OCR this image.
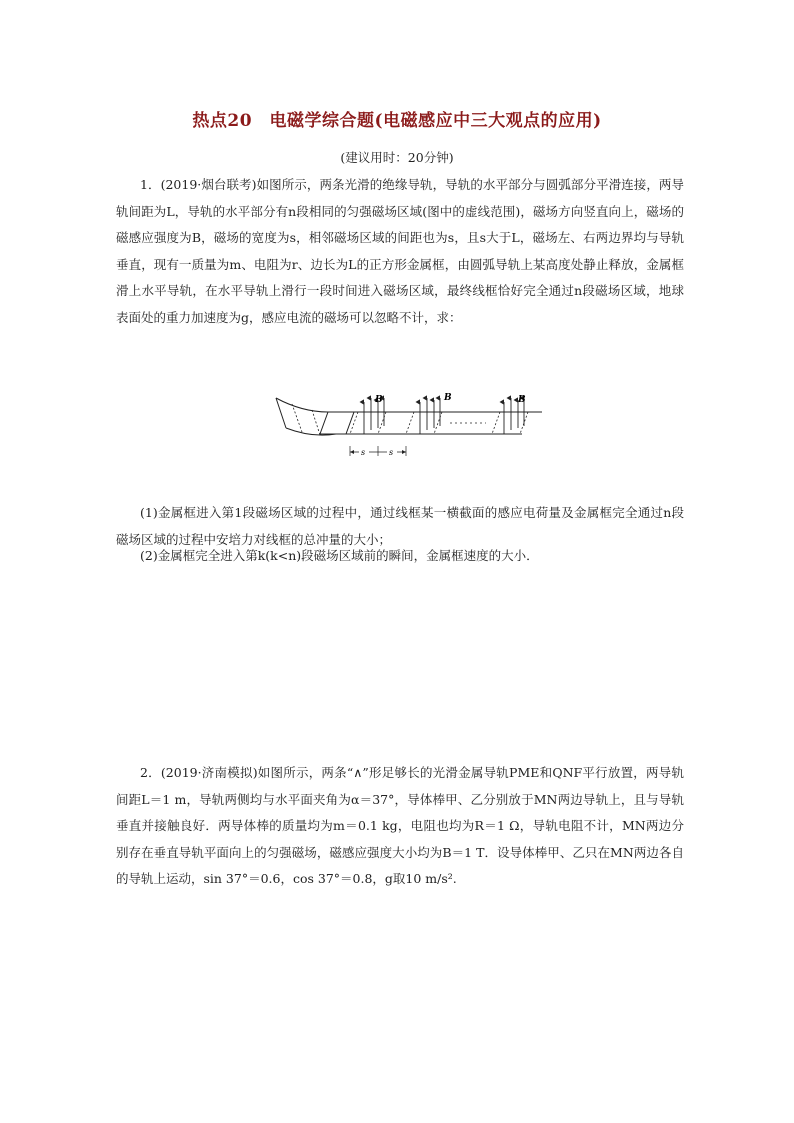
热点20　电磁学综合题(电磁感应中三大观点的应用)
(建议用时：20分钟)

1．(2019·烟台联考)如图所示，两条光滑的绝缘导轨，导轨的水平部分与圆弧部分平滑连接，两导轨间距为L，导轨的水平部分有n段相同的匀强磁场区域(图中的虚线范围)，磁场方向竖直向上，磁场的磁感应强度为B，磁场的宽度为s，相邻磁场区域的间距也为s，且s大于L，磁场左、右两边界均与导轨垂直，现有一质量为m、电阻为r、边长为L的正方形金属框，由圆弧导轨上某高度处静止释放，金属框滑上水平导轨，在水平导轨上滑行一段时间进入磁场区域，最终线框恰好完全通过n段磁场区域，地球表面处的重力加速度为g，感应电流的磁场可以忽略不计，求：

B	B	B
s	s

(1)金属框进入第1段磁场区域的过程中，通过线框某一横截面的感应电荷量及金属框完全通过n段磁场区域的过程中安培力对线框的总冲量的大小；

(2)金属框完全进入第k(k<n)段磁场区域前的瞬间，金属框速度的大小．

2．(2019·济南模拟)如图所示，两条“∧”形足够长的光滑金属导轨PME和QNF平行放置，两导轨间距L＝1 m，导轨两侧均与水平面夹角为α＝37°，导体棒甲、乙分别放于MN两边导轨上，且与导轨垂直并接触良好．两导体棒的质量均为m＝0.1 kg，电阻也均为R＝1 Ω，导轨电阻不计，MN两边分别存在垂直导轨平面向上的匀强磁场，磁感应强度大小均为B＝1 T．设导体棒甲、乙只在MN两边各自的导轨上运动，sin 37°＝0.6，cos 37°＝0.8，g取10 m/s².
